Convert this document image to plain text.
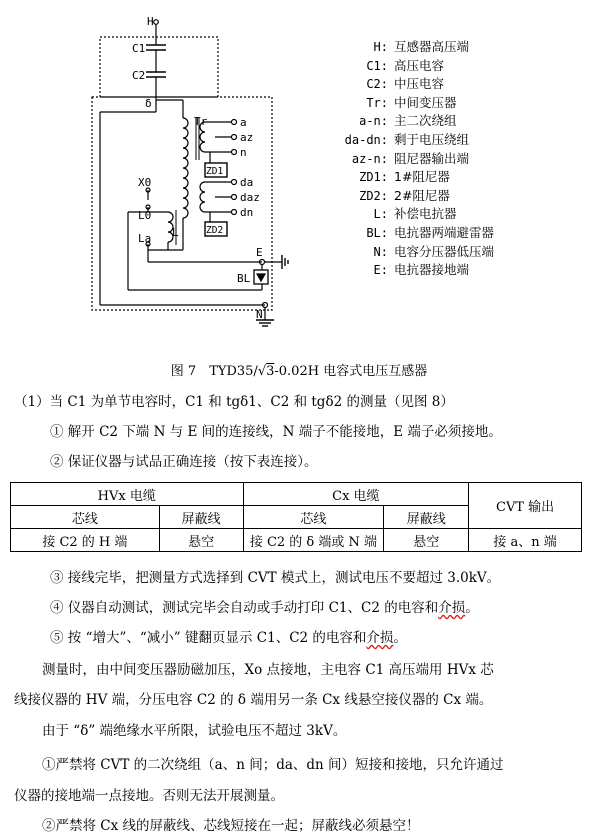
H
C1
C2
δ
Tr	a
az
n
da
daz
dn
ZD1
ZD2
X0
L0
L
La
E
BL
N
H: 互感器高压端
C1: 高压电容
C2: 中压电容
Tr: 中间变压器
a-n: 主二次绕组
da-dn: 剩于电压绕组
az-n: 阻尼器输出端
ZD1: 1#阻尼器
ZD2: 2#阻尼器
L: 补偿电抗器
BL: 电抗器两端避雷器
N: 电容分压器低压端
E: 电抗器接地端
图 7　TYD35/√3-0.02H 电容式电压互感器
（1）当 C1 为单节电容时，C1 和 tgδ1、C2 和 tgδ2 的测量（见图 8）
① 解开 C2 下端 N 与 E 间的连接线，N 端子不能接地，E 端子必须接地。
② 保证仪器与试品正确连接（按下表连接）。
HVx 电缆		Cx 电缆		CVT 输出
芯线	屏蔽线	芯线	屏蔽线	
接 C2 的 H 端	悬空	接 C2 的 δ 端或 N 端	悬空	接 a、n 端
③ 接线完毕，把测量方式选择到 CVT 模式上，测试电压不要超过 3.0kV。
④ 仪器自动测试，测试完毕会自动或手动打印 C1、C2 的电容和介损。
⑤ 按 “增大”、“减小” 键翻页显示 C1、C2 的电容和介损。
测量时，由中间变压器励磁加压，Xo 点接地，主电容 C1 高压端用 HVx 芯
线接仪器的 HV 端，分压电容 C2 的 δ 端用另一条 Cx 线悬空接仪器的 Cx 端。
由于 “δ” 端绝缘水平所限，试验电压不超过 3kV。
①严禁将 CVT 的二次绕组（a、n 间；da、dn 间）短接和接地，只允许通过
仪器的接地端一点接地。否则无法开展测量。
②严禁将 Cx 线的屏蔽线、芯线短接在一起；屏蔽线必须悬空！
